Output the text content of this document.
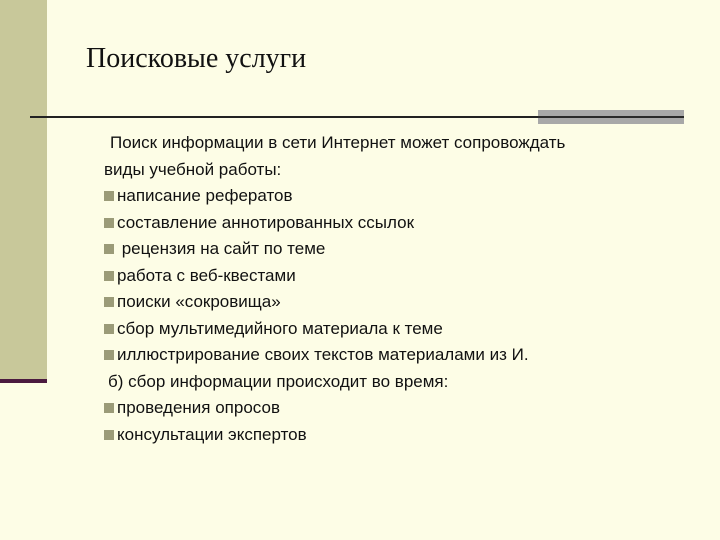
Поисковые услуги
Поиск информации в сети Интернет может сопровождать
виды учебной работы:
написание рефератов
составление аннотированных ссылок
рецензия на сайт по теме
работа с веб-квестами
поиски «сокровища»
сбор мультимедийного материала к теме
иллюстрирование своих текстов материалами из И.
б) сбор информации происходит во время:
проведения опросов
консультации экспертов
